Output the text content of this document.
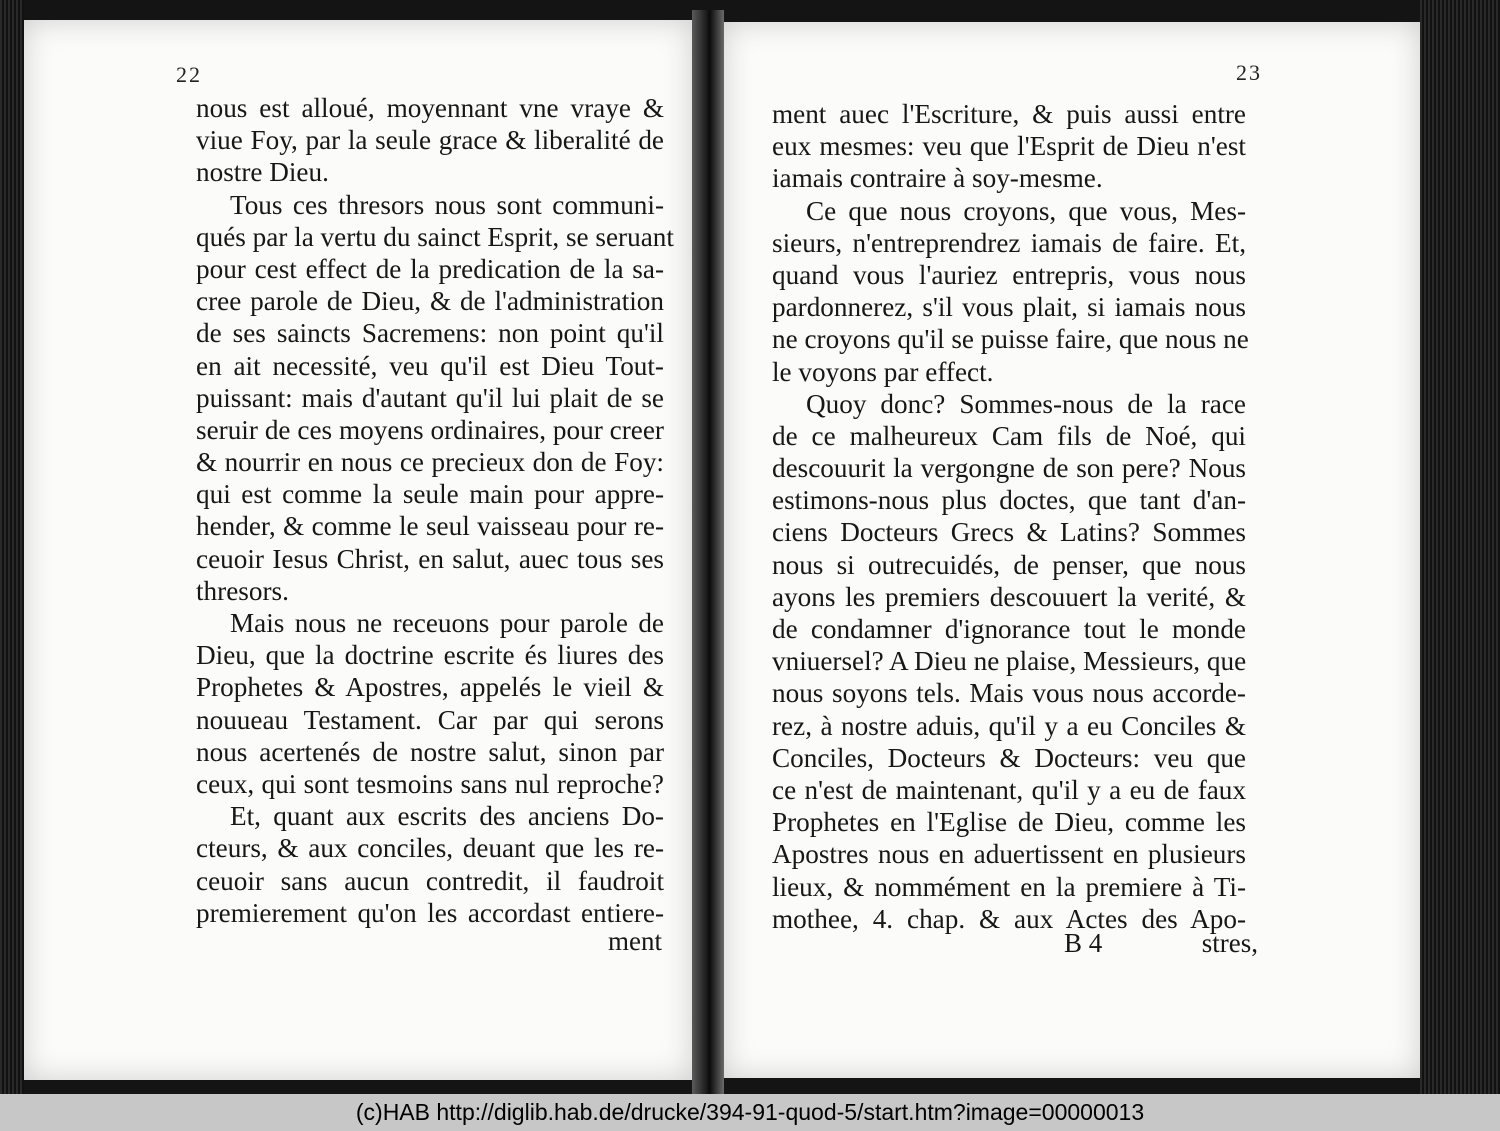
22
nous est alloué, moyennant vne vraye &
viue Foy, par la seule grace & liberalité de
nostre Dieu.
Tous ces thresors nous sont communi-
qués par la vertu du sainct Esprit, se seruant
pour cest effect de la predication de la sa-
cree parole de Dieu, & de l'administration
de ses saincts Sacremens: non point qu'il
en ait necessité, veu qu'il est Dieu Tout-
puissant: mais d'autant qu'il lui plait de se
seruir de ces moyens ordinaires, pour creer
& nourrir en nous ce precieux don de Foy:
qui est comme la seule main pour appre-
hender, & comme le seul vaisseau pour re-
ceuoir Iesus Christ, en salut, auec tous ses
thresors.
Mais nous ne receuons pour parole de
Dieu, que la doctrine escrite és liures des
Prophetes & Apostres, appelés le vieil &
nouueau Testament. Car par qui serons
nous acertenés de nostre salut, sinon par
ceux, qui sont tesmoins sans nul reproche?
Et, quant aux escrits des anciens Do-
cteurs, & aux conciles, deuant que les re-
ceuoir sans aucun contredit, il faudroit
premierement qu'on les accordast entiere-
ment
23
ment auec l'Escriture, & puis aussi entre
eux mesmes: veu que l'Esprit de Dieu n'est
iamais contraire à soy-mesme.
Ce que nous croyons, que vous, Mes-
sieurs, n'entreprendrez iamais de faire. Et,
quand vous l'auriez entrepris, vous nous
pardonnerez, s'il vous plait, si iamais nous
ne croyons qu'il se puisse faire, que nous ne
le voyons par effect.
Quoy donc? Sommes-nous de la race
de ce malheureux Cam fils de Noé, qui
descouurit la vergongne de son pere? Nous
estimons-nous plus doctes, que tant d'an-
ciens Docteurs Grecs & Latins? Sommes
nous si outrecuidés, de penser, que nous
ayons les premiers descouuert la verité, &
de condamner d'ignorance tout le monde
vniuersel? A Dieu ne plaise, Messieurs, que
nous soyons tels. Mais vous nous accorde-
rez, à nostre aduis, qu'il y a eu Conciles &
Conciles, Docteurs & Docteurs: veu que
ce n'est de maintenant, qu'il y a eu de faux
Prophetes en l'Eglise de Dieu, comme les
Apostres nous en aduertissent en plusieurs
lieux, & nommément en la premiere à Ti-
mothee, 4. chap. & aux Actes des Apo-
B 4	stres,
(c)HAB http://diglib.hab.de/drucke/394-91-quod-5/start.htm?image=00000013
